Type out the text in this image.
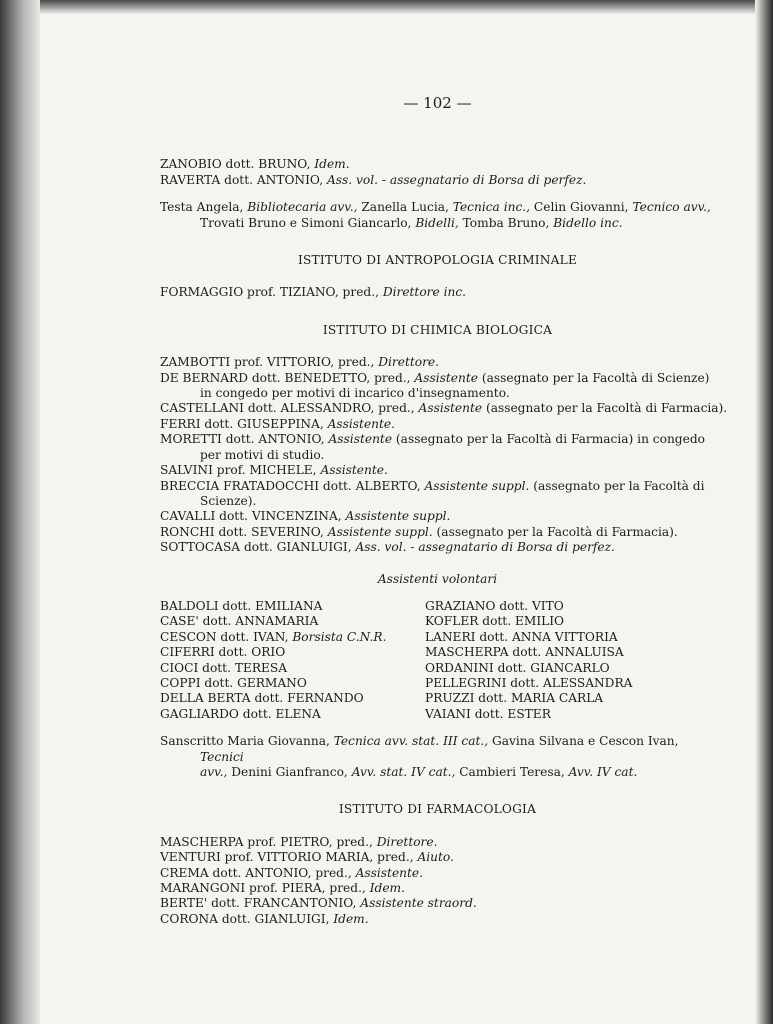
— 102 —
ZANOBIO dott. BRUNO, Idem.
RAVERTA dott. ANTONIO, Ass. vol. - assegnatario di Borsa di perfez.
Testa Angela, Bibliotecaria avv., Zanella Lucia, Tecnica inc., Celin Giovanni, Tecnico avv.,
Trovati Bruno e Simoni Giancarlo, Bidelli, Tomba Bruno, Bidello inc.
ISTITUTO DI ANTROPOLOGIA CRIMINALE
FORMAGGIO prof. TIZIANO, pred., Direttore inc.
ISTITUTO DI CHIMICA BIOLOGICA
ZAMBOTTI prof. VITTORIO, pred., Direttore.
DE BERNARD dott. BENEDETTO, pred., Assistente (assegnato per la Facoltà di Scienze)
in congedo per motivi di incarico d'insegnamento.
CASTELLANI dott. ALESSANDRO, pred., Assistente (assegnato per la Facoltà di Farmacia).
FERRI dott. GIUSEPPINA, Assistente.
MORETTI dott. ANTONIO, Assistente (assegnato per la Facoltà di Farmacia) in congedo
per motivi di studio.
SALVINI prof. MICHELE, Assistente.
BRECCIA FRATADOCCHI dott. ALBERTO, Assistente suppl. (assegnato per la Facoltà di
Scienze).
CAVALLI dott. VINCENZINA, Assistente suppl.
RONCHI dott. SEVERINO, Assistente suppl. (assegnato per la Facoltà di Farmacia).
SOTTOCASA dott. GIANLUIGI, Ass. vol. - assegnatario di Borsa di perfez.
Assistenti volontari
BALDOLI dott. EMILIANA
CASE' dott. ANNAMARIA
CESCON dott. IVAN, Borsista C.N.R.
CIFERRI dott. ORIO
CIOCI dott. TERESA
COPPI dott. GERMANO
DELLA BERTA dott. FERNANDO
GAGLIARDO dott. ELENA
GRAZIANO dott. VITO
KOFLER dott. EMILIO
LANERI dott. ANNA VITTORIA
MASCHERPA dott. ANNALUISA
ORDANINI dott. GIANCARLO
PELLEGRINI dott. ALESSANDRA
PRUZZI dott. MARIA CARLA
VAIANI dott. ESTER
Sanscritto Maria Giovanna, Tecnica avv. stat. III cat., Gavina Silvana e Cescon Ivan, Tecnici
avv., Denini Gianfranco, Avv. stat. IV cat., Cambieri Teresa, Avv. IV cat.
ISTITUTO DI FARMACOLOGIA
MASCHERPA prof. PIETRO, pred., Direttore.
VENTURI prof. VITTORIO MARIA, pred., Aiuto.
CREMA dott. ANTONIO, pred., Assistente.
MARANGONI prof. PIERA, pred., Idem.
BERTE' dott. FRANCANTONIO, Assistente straord.
CORONA dott. GIANLUIGI, Idem.
